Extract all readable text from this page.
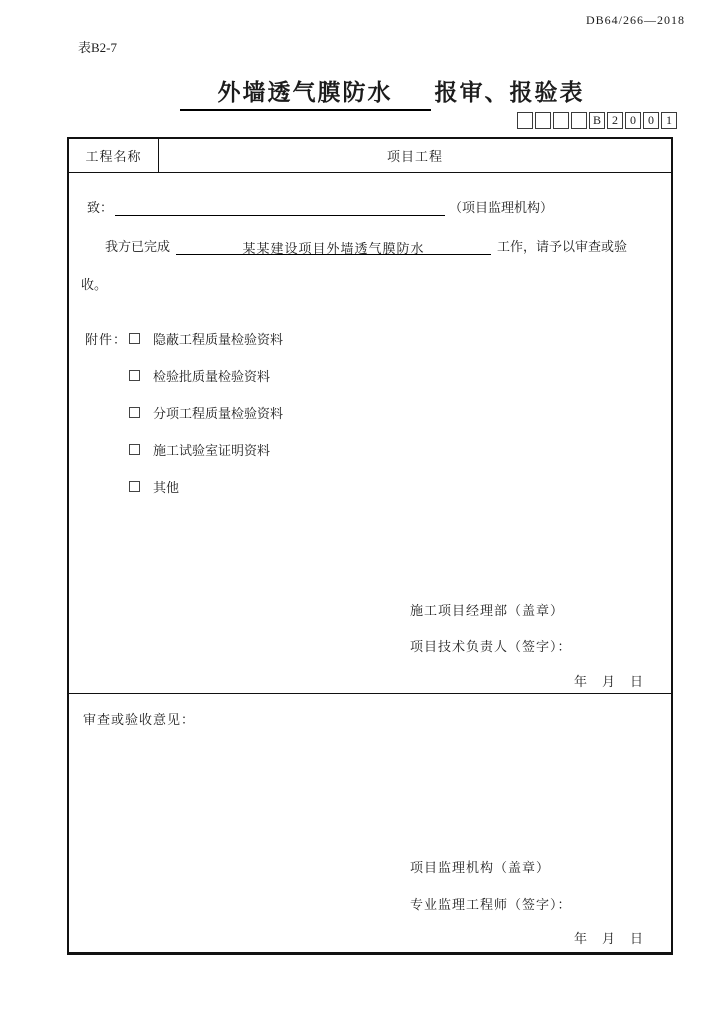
DB64/266—2018
表B2-7
外墙透气膜防水 报审、报验表
B 2	0	0	1
工程名称	项目工程
致：	（项目监理机构）
我方已完成	某某建设项目外墙透气膜防水	工作，请予以审查或验
收。
附件： 隐蔽工程质量检验资料
检验批质量检验资料
分项工程质量检验资料
施工试验室证明资料
其他
施工项目经理部（盖章）
项目技术负责人（签字）：
年　月　日
审查或验收意见：
项目监理机构（盖章）
专业监理工程师（签字）：
年　月　日
